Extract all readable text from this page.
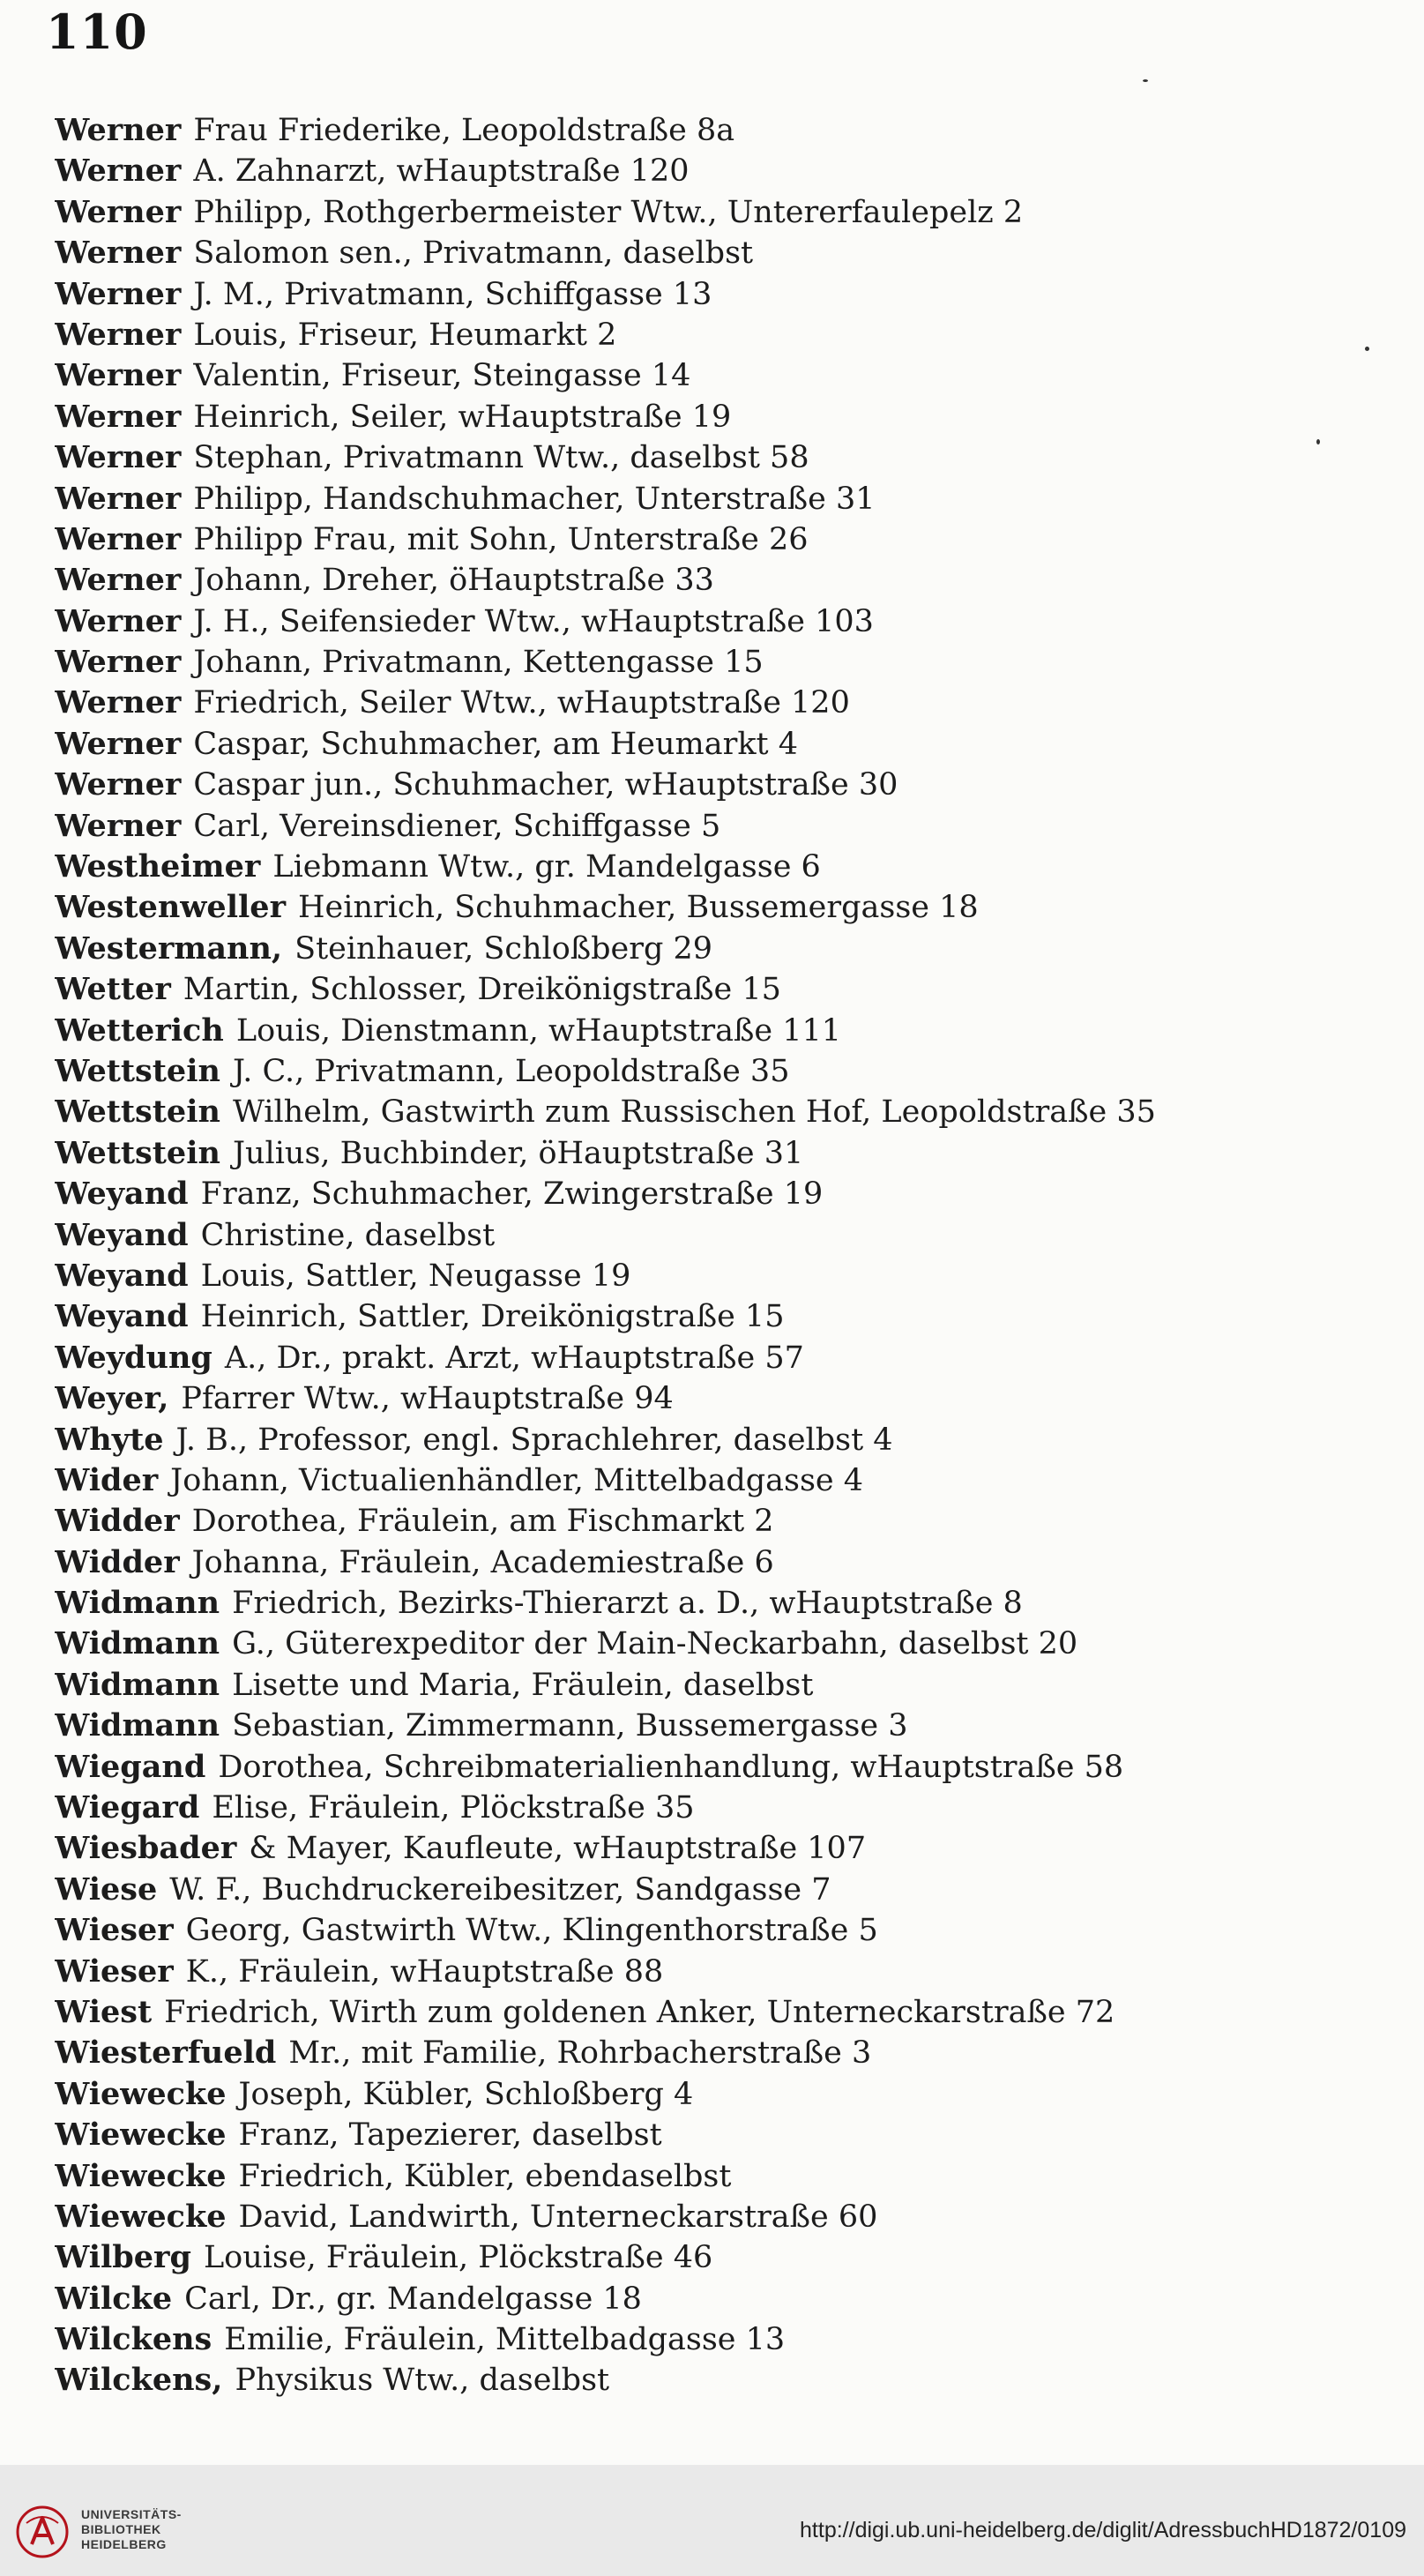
110
Werner Frau Friederike, Leopoldstraße 8a
Werner A. Zahnarzt, wHauptstraße 120
Werner Philipp, Rothgerbermeister Wtw., Untererfaulepelz 2
Werner Salomon sen., Privatmann, daselbst
Werner J. M., Privatmann, Schiffgasse 13
Werner Louis, Friseur, Heumarkt 2
Werner Valentin, Friseur, Steingasse 14
Werner Heinrich, Seiler, wHauptstraße 19
Werner Stephan, Privatmann Wtw., daselbst 58
Werner Philipp, Handschuhmacher, Unterstraße 31
Werner Philipp Frau, mit Sohn, Unterstraße 26
Werner Johann, Dreher, öHauptstraße 33
Werner J. H., Seifensieder Wtw., wHauptstraße 103
Werner Johann, Privatmann, Kettengasse 15
Werner Friedrich, Seiler Wtw., wHauptstraße 120
Werner Caspar, Schuhmacher, am Heumarkt 4
Werner Caspar jun., Schuhmacher, wHauptstraße 30
Werner Carl, Vereinsdiener, Schiffgasse 5
Westheimer Liebmann Wtw., gr. Mandelgasse 6
Westenweller Heinrich, Schuhmacher, Bussemergasse 18
Westermann, Steinhauer, Schloßberg 29
Wetter Martin, Schlosser, Dreikönigstraße 15
Wetterich Louis, Dienstmann, wHauptstraße 111
Wettstein J. C., Privatmann, Leopoldstraße 35
Wettstein Wilhelm, Gastwirth zum Russischen Hof, Leopoldstraße 35
Wettstein Julius, Buchbinder, öHauptstraße 31
Weyand Franz, Schuhmacher, Zwingerstraße 19
Weyand Christine, daselbst
Weyand Louis, Sattler, Neugasse 19
Weyand Heinrich, Sattler, Dreikönigstraße 15
Weydung A., Dr., prakt. Arzt, wHauptstraße 57
Weyer, Pfarrer Wtw., wHauptstraße 94
Whyte J. B., Professor, engl. Sprachlehrer, daselbst 4
Wider Johann, Victualienhändler, Mittelbadgasse 4
Widder Dorothea, Fräulein, am Fischmarkt 2
Widder Johanna, Fräulein, Academiestraße 6
Widmann Friedrich, Bezirks-Thierarzt a. D., wHauptstraße 8
Widmann G., Güterexpeditor der Main-Neckarbahn, daselbst 20
Widmann Lisette und Maria, Fräulein, daselbst
Widmann Sebastian, Zimmermann, Bussemergasse 3
Wiegand Dorothea, Schreibmaterialienhandlung, wHauptstraße 58
Wiegard Elise, Fräulein, Plöckstraße 35
Wiesbader & Mayer, Kaufleute, wHauptstraße 107
Wiese W. F., Buchdruckereibesitzer, Sandgasse 7
Wieser Georg, Gastwirth Wtw., Klingenthorstraße 5
Wieser K., Fräulein, wHauptstraße 88
Wiest Friedrich, Wirth zum goldenen Anker, Unterneckarstraße 72
Wiesterfueld Mr., mit Familie, Rohrbacherstraße 3
Wiewecke Joseph, Kübler, Schloßberg 4
Wiewecke Franz, Tapezierer, daselbst
Wiewecke Friedrich, Kübler, ebendaselbst
Wiewecke David, Landwirth, Unterneckarstraße 60
Wilberg Louise, Fräulein, Plöckstraße 46
Wilcke Carl, Dr., gr. Mandelgasse 18
Wilckens Emilie, Fräulein, Mittelbadgasse 13
Wilckens, Physikus Wtw., daselbst
UNIVERSITÄTS-
BIBLIOTHEK
HEIDELBERG
http://digi.ub.uni-heidelberg.de/diglit/AdressbuchHD1872/0109
